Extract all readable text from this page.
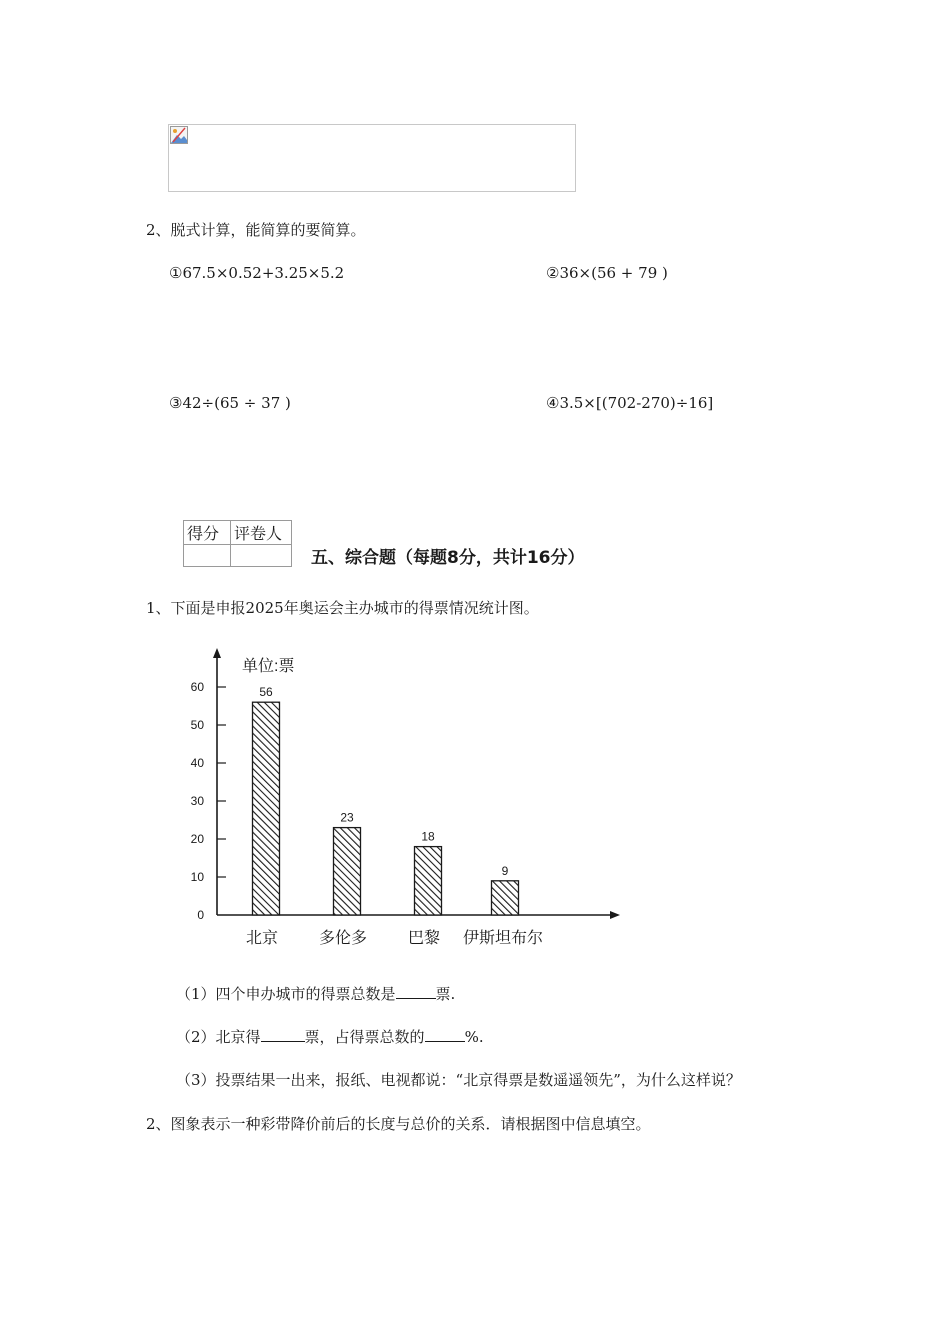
2、脱式计算，能简算的要简算。
①67.5×0.52+3.25×5.2	②36×(56 + 79 )
③42÷(65 ÷ 37 )	④3.5×[(702-270)÷16]
得分	评卷人

五、综合题（每题8分，共计16分）
1、下面是申报2025年奥运会主办城市的得票情况统计图。
0
10
20
30
40
50
60	56
北京
23
多伦多
18
巴黎
9
伊斯坦布尔
单位:票
（1）四个申办城市的得票总数是	票.
（2）北京得	票，占得票总数的	%.
（3）投票结果一出来，报纸、电视都说：“北京得票是数遥遥领先”，为什么这样说？
2、图象表示一种彩带降价前后的长度与总价的关系．请根据图中信息填空。
